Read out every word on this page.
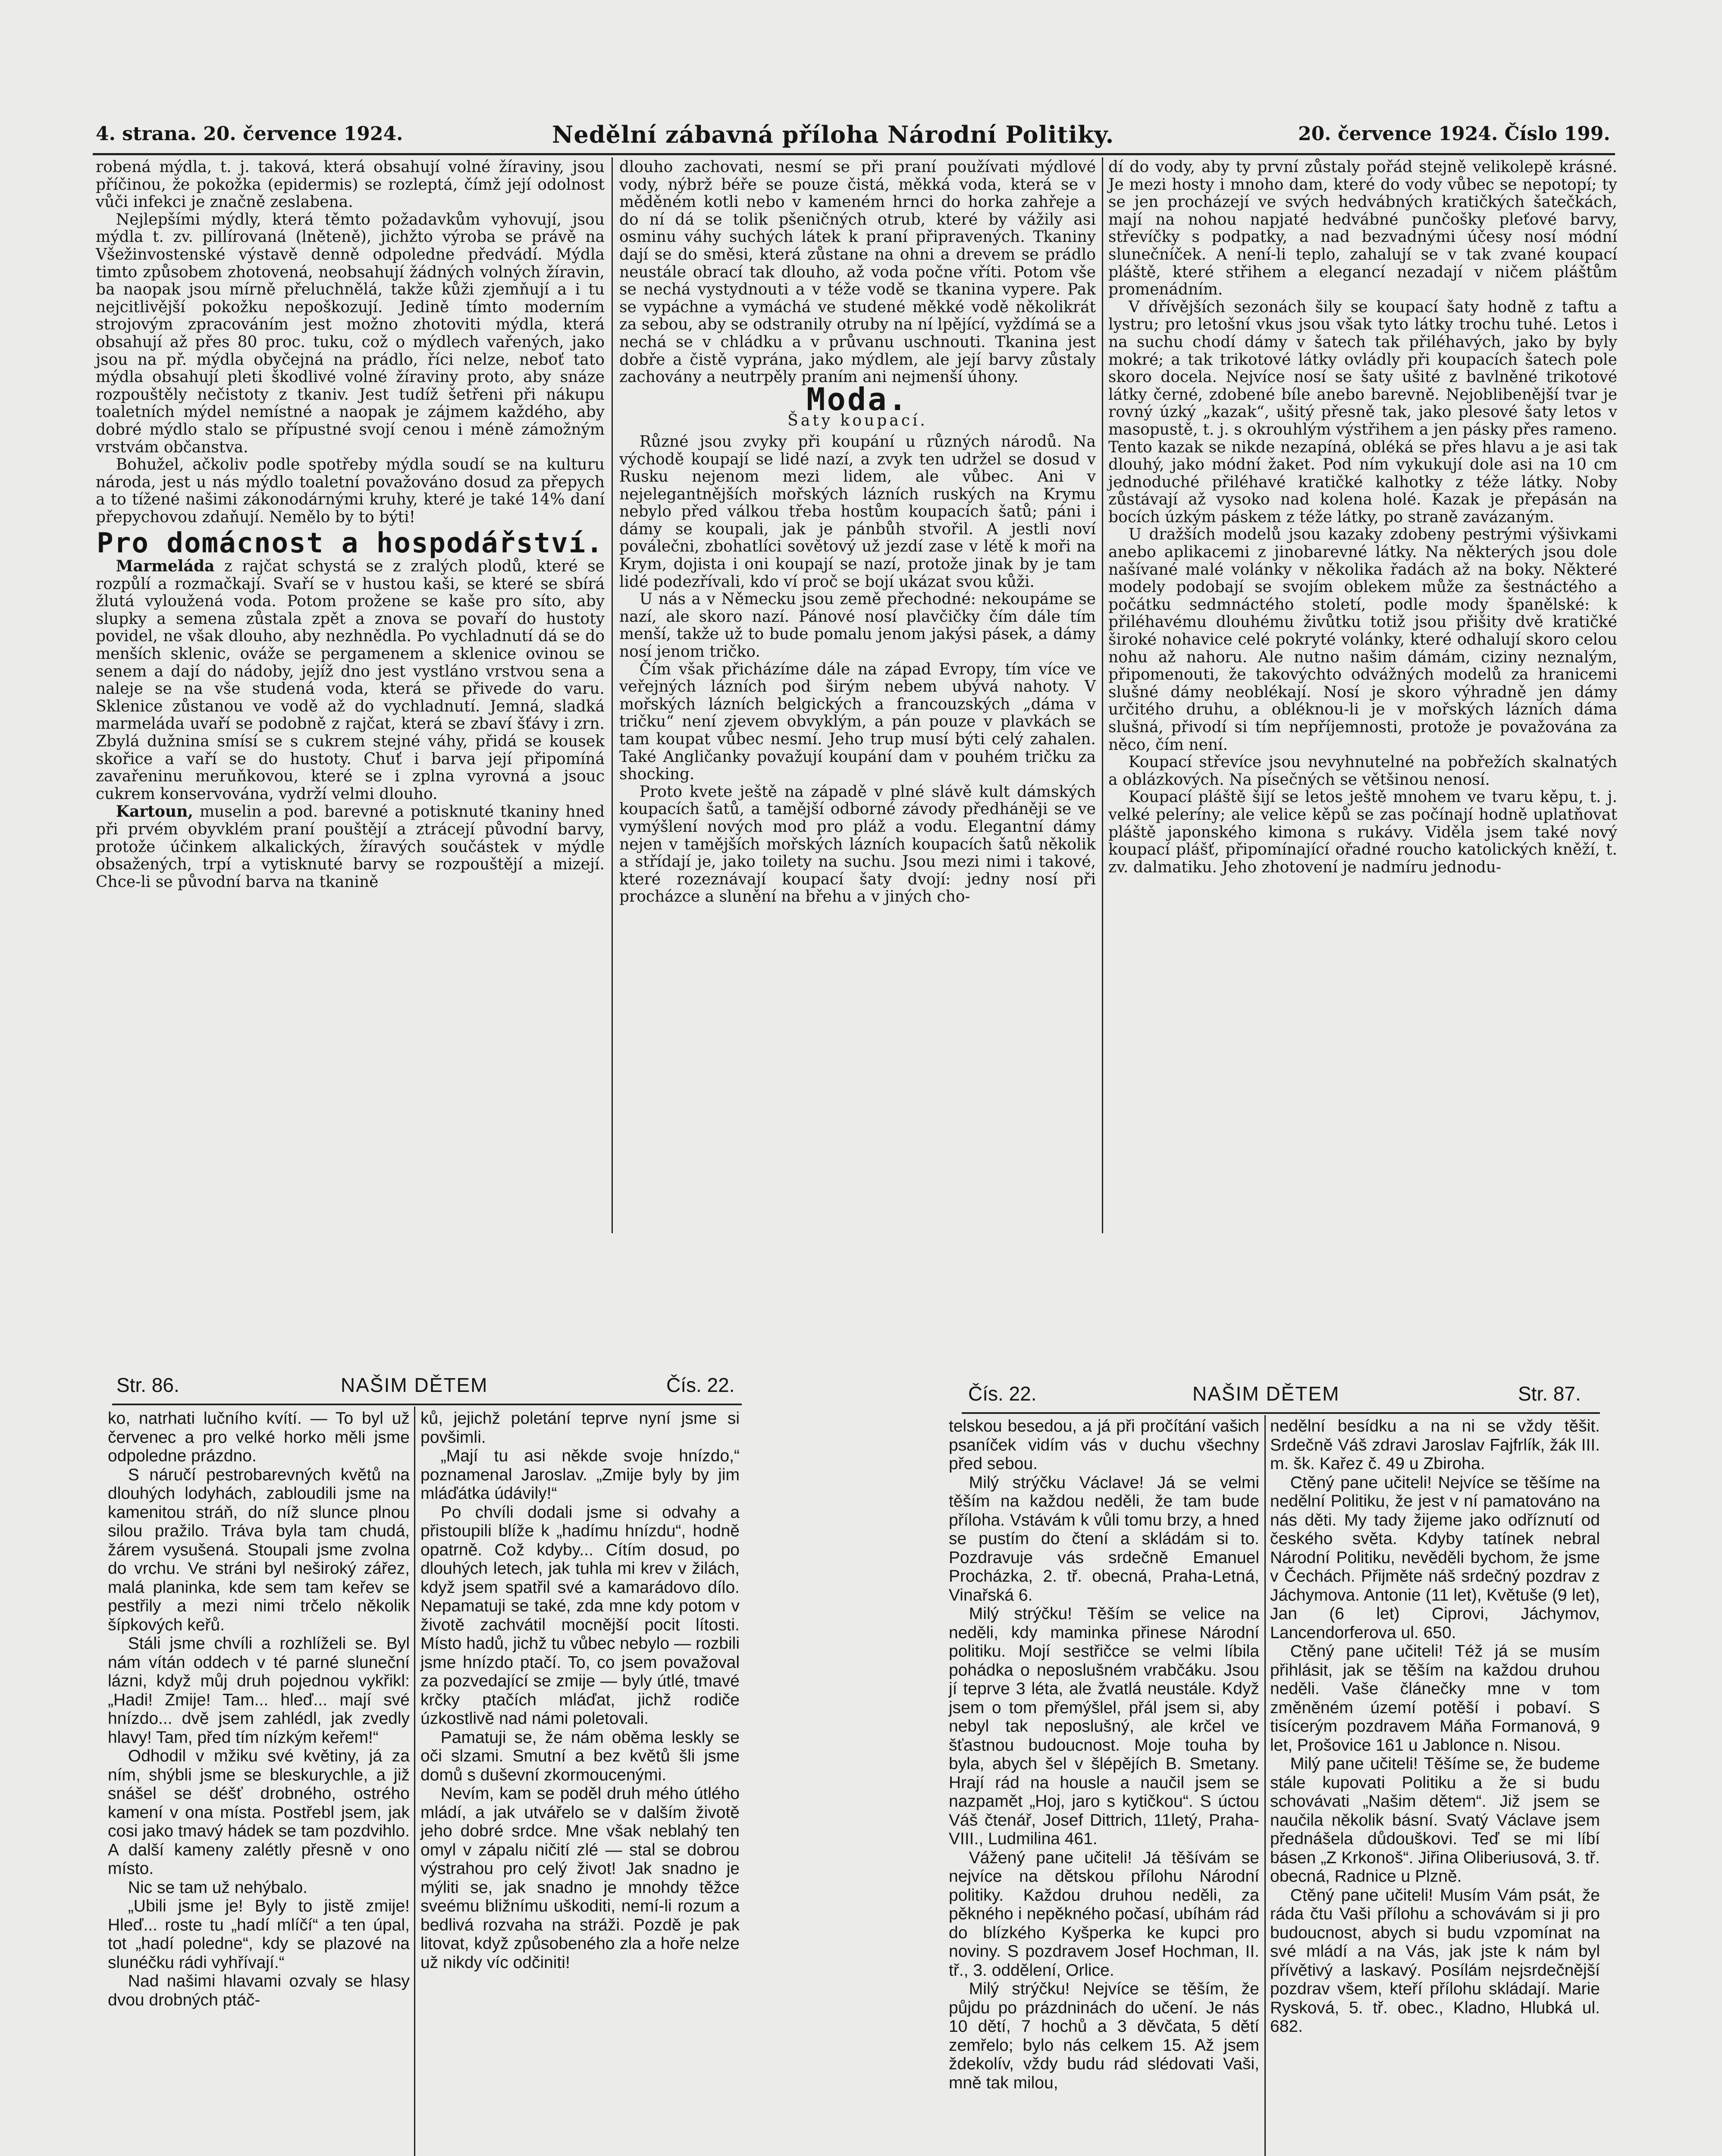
4. strana. 20. července 1924.	Nedělní zábavná příloha Národní Politiky.	20. července 1924. Číslo 199.

robená mýdla, t. j. taková, která obsahují volné žíraviny, jsou příčinou, že pokožka (epidermis) se rozleptá, čímž její odolnost vůči infekci je značně zeslabena.

Nejlepšími mýdly, která těmto požadavkům vyhovují, jsou mýdla t. zv. pillírovaná (lněteně), jichžto výroba se právě na Všežinvostenské výstavě denně odpoledne předvádí. Mýdla timto způsobem zhotovená, neobsahují žádných volných žíravin, ba naopak jsou mírně přeluchnělá, takže kůži zjemňují a i tu nejcitlivější pokožku nepoškozují. Jedině tímto moderním strojovým zpracováním jest možno zhotoviti mýdla, která obsahují až přes 80 proc. tuku, což o mýdlech vařených, jako jsou na př. mýdla obyčejná na prádlo, říci nelze, neboť tato mýdla obsahují pleti škodlivé volné žíraviny proto, aby snáze rozpouštěly nečistoty z tkaniv. Jest tudíž šetřeni při nákupu toaletních mýdel nemístné a naopak je zájmem každého, aby dobré mýdlo stalo se přípustné svojí cenou i méně zámožným vrstvám občanstva.

Bohužel, ačkoliv podle spotřeby mýdla soudí se na kulturu národa, jest u nás mýdlo toaletní považováno dosud za přepych a to tížené našimi zákonodárnými kruhy, které je také 14% daní přepychovou zdaňují. Nemělo by to býti!

Pro domácnost a hospodářství.

Marmeláda z rajčat schystá se z zralých plodů, které se rozpůlí a rozmačkají. Svaří se v hustou kaši, se které se sbírá žlutá vyloužená voda. Potom prožene se kaše pro síto, aby slupky a semena zůstala zpět a znova se povaří do hustoty povidel, ne však dlouho, aby nezhnědla. Po vychladnutí dá se do menších sklenic, ováže se pergamenem a sklenice ovinou se senem a dají do nádoby, jejíž dno jest vystláno vrstvou sena a naleje se na vše studená voda, která se přivede do varu. Sklenice zůstanou ve vodě až do vychladnutí. Jemná, sladká marmeláda uvaří se podobně z rajčat, která se zbaví šťávy i zrn. Zbylá dužnina smísí se s cukrem stejné váhy, přidá se kousek skořice a vaří se do hustoty. Chuť i barva její připomíná zavařeninu meruňkovou, které se i zplna vyrovná a jsouc cukrem konservována, vydrží velmi dlouho.

Kartoun, muselin a pod. barevné a potisknuté tkaniny hned při prvém obyvklém praní pouštějí a ztrácejí původní barvy, protože účinkem alkalických, žíravých součástek v mýdle obsažených, trpí a vytisknuté barvy se rozpouštějí a mizejí. Chce-li se původní barva na tkanině

dlouho zachovati, nesmí se při praní používati mýdlové vody, nýbrž béře se pouze čistá, měkká voda, která se v měděném kotli nebo v kameném hrnci do horka zahřeje a do ní dá se tolik pšeničných otrub, které by vážily asi osminu váhy suchých látek k praní připravených. Tkaniny dají se do směsi, která zůstane na ohni a drevem se prádlo neustále obrací tak dlouho, až voda počne vříti. Potom vše se nechá vystydnouti a v téže vodě se tkanina vypere. Pak se vypáchne a vymáchá ve studené měkké vodě několikrát za sebou, aby se odstranily otruby na ní lpějící, vyždímá se a nechá se v chládku a v průvanu uschnouti. Tkanina jest dobře a čistě vyprána, jako mýdlem, ale její barvy zůstaly zachovány a neutrpěly praním ani nejmenší úhony.

Moda.
Šaty koupací.

Různé jsou zvyky při koupání u různých národů. Na východě koupají se lidé nazí, a zvyk ten udržel se dosud v Rusku nejenom mezi lidem, ale vůbec. Ani v nejelegantnějších mořských lázních ruských na Krymu nebylo před válkou třeba hostům koupacích šatů; páni i dámy se koupali, jak je pánbůh stvořil. A jestli noví poválečni, zbohatlíci sovětový už jezdí zase v létě k moři na Krym, dojista i oni koupají se nazí, protože jinak by je tam lidé podezřívali, kdo ví proč se bojí ukázat svou kůži.

U nás a v Německu jsou země přechodné: nekoupáme se nazí, ale skoro nazí. Pánové nosí plavčičky čím dále tím menší, takže už to bude pomalu jenom jakýsi pásek, a dámy nosí jenom tričko.

Čím však přicházíme dále na západ Evropy, tím více ve veřejných lázních pod širým nebem ubývá nahoty. V mořských lázních belgických a francouzských „dáma v tričku“ není zjevem obvyklým, a pán pouze v plavkách se tam koupat vůbec nesmí. Jeho trup musí býti celý zahalen. Také Angličanky považují koupání dam v pouhém tričku za shocking.

Proto kvete ještě na západě v plné slávě kult dámských koupacích šatů, a tamější odborné závody předháněji se ve vymýšlení nových mod pro pláž a vodu. Elegantní dámy nejen v tamějších mořských lázních koupacích šatů několik a střídají je, jako toilety na suchu. Jsou mezi nimi i takové, které rozeznávají koupací šaty dvojí: jedny nosí při procházce a slunění na břehu a v jiných cho-

dí do vody, aby ty první zůstaly pořád stejně velikolepě krásné. Je mezi hosty i mnoho dam, které do vody vůbec se nepotopí; ty se jen procházejí ve svých hedvábných kratičkých šatečkách, mají na nohou napjaté hedvábné punčošky pleťové barvy, střevíčky s podpatky, a nad bezvadnými účesy nosí módní slunečníček. A není-li teplo, zahalují se v tak zvané koupací pláště, které střihem a elegancí nezadají v ničem pláštům promenádním.

V dřívějších sezonách šily se koupací šaty hodně z taftu a lystru; pro letošní vkus jsou však tyto látky trochu tuhé. Letos i na suchu chodí dámy v šatech tak přiléhavých, jako by byly mokré; a tak trikotové látky ovládly při koupacích šatech pole skoro docela. Nejvíce nosí se šaty ušité z bavlněné trikotové látky černé, zdobené bíle anebo barevně. Nejoblibenější tvar je rovný úzký „kazak“, ušitý přesně tak, jako plesové šaty letos v masopustě, t. j. s okrouhlým výstřihem a jen pásky přes rameno. Tento kazak se nikde nezapíná, obléká se přes hlavu a je asi tak dlouhý, jako módní žaket. Pod ním vykukují dole asi na 10 cm jednoduché přiléhavé kratičké kalhotky z téže látky. Noby zůstávají až vysoko nad kolena holé. Kazak je přepásán na bocích úzkým páskem z téže látky, po straně zavázaným.

U dražších modelů jsou kazaky zdobeny pestrými výšivkami anebo aplikacemi z jinobarevné látky. Na některých jsou dole našívané malé volánky v několika řadách až na boky. Některé modely podobají se svojím oblekem může za šestnáctého a počátku sedmnáctého století, podle mody španělské: k přiléhavému dlouhému živůtku totiž jsou přišity dvě kratičké široké nohavice celé pokryté volánky, které odhalují skoro celou nohu až nahoru. Ale nutno našim dámám, ciziny neznalým, připomenouti, že takovýchto odvážných modelů za hranicemi slušné dámy neoblékají. Nosí je skoro výhradně jen dámy určitého druhu, a obléknou-li je v mořských lázních dáma slušná, přivodí si tím nepříjemnosti, protože je považována za něco, čím není.

Koupací střevíce jsou nevyhnutelné na pobřežích skalnatých a oblázkových. Na písečných se většinou nenosí.

Koupací pláště šijí se letos ještě mnohem ve tvaru kěpu, t. j. velké peleríny; ale velice kěpů se zas počínají hodně uplatňovat pláště japonského kimona s rukávy. Viděla jsem také nový koupací plášť, připomínající ořadné roucho katolických kněží, t. zv. dalmatiku. Jeho zhotovení je nadmíru jednodu-

Str. 86.	NAŠIM DĚTEM	Čís. 22.

ko, natrhati lučního kvítí. — To byl už červenec a pro velké horko měli jsme odpoledne prázdno.

S náručí pestrobarevných květů na dlouhých lodyhách, zabloudili jsme na kamenitou stráň, do níž slunce plnou silou pražilo. Tráva byla tam chudá, žárem vysušená. Stoupali jsme zvolna do vrchu. Ve stráni byl neširoký zářez, malá planinka, kde sem tam keřev se pestřily a mezi nimi trčelo několik šípkových keřů.

Stáli jsme chvíli a rozhlíželi se. Byl nám vítán oddech v té parné sluneční lázni, když můj druh pojednou vykřikl: „Hadi! Zmije! Tam... hleď... mají své hnízdo... dvě jsem zahlédl, jak zvedly hlavy! Tam, před tím nízkým keřem!“

Odhodil v mžiku své květiny, já za ním, shýbli jsme se bleskurychle, a již snášel se déšť drobného, ostrého kamení v ona místa. Postřebl jsem, jak cosi jako tmavý hádek se tam pozdvihlo. A další kameny zalétly přesně v ono místo.

Nic se tam už nehýbalo.

„Ubili jsme je! Byly to jistě zmije! Hleď... roste tu „hadí mlíčí“ a ten úpal, tot „hadí poledne“, kdy se plazové na slunéčku rádi vyhřívají.“

Nad našimi hlavami ozvaly se hlasy dvou drobných ptáč-

ků, jejichž poletání teprve nyní jsme si povšimli.

„Mají tu asi někde svoje hnízdo,“ poznamenal Jaroslav. „Zmije byly by jim mláďátka údávily!“

Po chvíli dodali jsme si odvahy a přistoupili blíže k „hadímu hnízdu“, hodně opatrně. Což kdyby... Cítím dosud, po dlouhých letech, jak tuhla mi krev v žilách, když jsem spatřil své a kamarádovo dílo. Nepamatuji se také, zda mne kdy potom v životě zachvátil mocnější pocit lítosti. Místo hadů, jichž tu vůbec nebylo — rozbili jsme hnízdo ptačí. To, co jsem považoval za pozvedající se zmije — byly útlé, tmavé krčky ptačích mláďat, jichž rodiče úzkostlivě nad námi poletovali.

Pamatuji se, že nám oběma leskly se oči slzami. Smutní a bez květů šli jsme domů s duševní zkormoucenými.

Nevím, kam se poděl druh mého útlého mládí, a jak utvářelo se v dalším životě jeho dobré srdce. Mne však neblahý ten omyl v zápalu ničití zlé — stal se dobrou výstrahou pro celý život! Jak snadno je mýliti se, jak snadno je mnohdy těžce sveému bližnímu uškoditi, nemí-li rozum a bedlivá rozvaha na stráži. Pozdě je pak litovat, když způsobeného zla a hoře nelze už nikdy víc odčiniti!

Čís. 22.	NAŠIM DĚTEM	Str. 87.

telskou besedou, a já při pročítání vašich psaníček vidím vás v duchu všechny před sebou.

Milý strýčku Václave! Já se velmi těším na každou neděli, že tam bude příloha. Vstávám k vůli tomu brzy, a hned se pustím do čtení a skládám si to. Pozdravuje vás srdečně Emanuel Procházka, 2. tř. obecná, Praha-Letná, Vinařská 6.

Milý strýčku! Těším se velice na neděli, kdy maminka přinese Národní politiku. Mojí sestřičce se velmi líbila pohádka o neposlušném vrabčáku. Jsou jí teprve 3 léta, ale žvatlá neustále. Když jsem o tom přemýšlel, přál jsem si, aby nebyl tak neposlušný, ale krčel ve šťastnou budoucnost. Moje touha by byla, abych šel v šlépějích B. Smetany. Hrají rád na housle a naučil jsem se nazpamět „Hoj, jaro s kytičkou“. S úctou Váš čtenář, Josef Dittrich, 11letý, Praha-VIII., Ludmilina 461.

Vážený pane učiteli! Já těšívám se nejvíce na dětskou přílohu Národní politiky. Každou druhou neděli, za pěkného i nepěkného počasí, ubíhám rád do blízkého Kyšperka ke kupci pro noviny. S pozdravem Josef Hochman, II. tř., 3. oddělení, Orlice.

Milý strýčku! Nejvíce se těším, že půjdu po prázdninách do učení. Je nás 10 dětí, 7 hochů a 3 děvčata, 5 dětí zemřelo; bylo nás celkem 15. Až jsem ždekolív, vždy budu rád slédovati Vaši, mně tak milou,

nedělní besídku a na ni se vždy těšit. Srdečně Váš zdravi Jaroslav Fajfrlík, žák III. m. šk. Kařez č. 49 u Zbirohа.

Ctěný pane učiteli! Nejvíce se těšíme na nedělní Politiku, že jest v ní pamatováno na nás děti. My tady žijeme jako odříznutí od českého světa. Kdyby tatínek nebral Národní Politiku, nevěděli bychom, že jsme v Čechách. Přijměte náš srdečný pozdrav z Jáchymova. Antonie (11 let), Květuše (9 let), Jan (6 let) Ciprovi, Jáchymov, Lancendorferova ul. 650.

Ctěný pane učiteli! Též já se musím přihlásit, jak se těším na každou druhou neděli. Vaše článečky mne v tom změněném území potěší i pobaví. S tisícerým pozdravem Máňa Formanová, 9 let, Prošovice 161 u Jablonce n. Nisou.

Milý pane učiteli! Těšíme se, že budeme stále kupovati Politiku a že si budu schovávati „Našim dětem“. Již jsem se naučila několik básní. Svatý Václave jsem přednášela důdouškovi. Teď se mi líbí básen „Z Krkonoš“. Jiřina Oliberiusová, 3. tř. obecná, Radnice u Plzně.

Ctěný pane učiteli! Musím Vám psát, že ráda čtu Vaši přílohu a schovávám si ji pro budoucnost, abych si budu vzpomínat na své mládí a na Vás, jak jste k nám byl přívětivý a laskavý. Posílám nejsrdečnější pozdrav všem, kteří přílohu skládají. Marie Rysková, 5. tř. obec., Kladno, Hlubká ul. 682.
